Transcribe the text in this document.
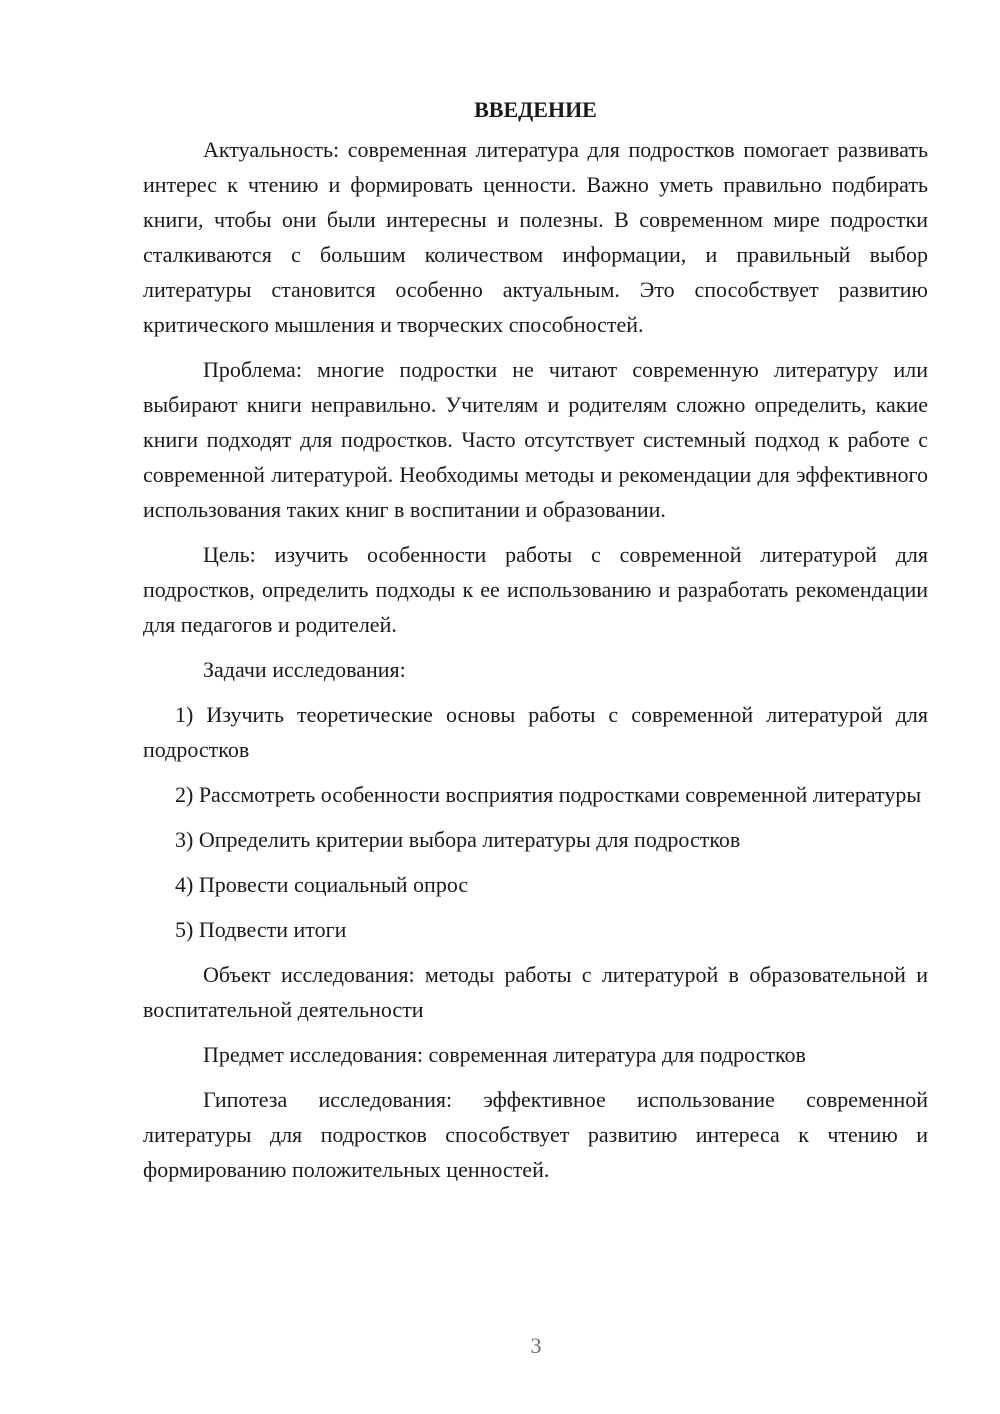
ВВЕДЕНИЕ

Актуальность: современная литература для подростков помогает развивать интерес к чтению и формировать ценности. Важно уметь правильно подбирать книги, чтобы они были интересны и полезны. В современном мире подростки сталкиваются с большим количеством информации, и правильный выбор литературы становится особенно актуальным. Это способствует развитию критического мышления и творческих способностей.

Проблема: многие подростки не читают современную литературу или выбирают книги неправильно. Учителям и родителям сложно определить, какие книги подходят для подростков. Часто отсутствует системный подход к работе с современной литературой. Необходимы методы и рекомендации для эффективного использования таких книг в воспитании и образовании.

Цель: изучить особенности работы с современной литературой для подростков, определить подходы к ее использованию и разработать рекомендации для педагогов и родителей.

Задачи исследования:

1) Изучить теоретические основы работы с современной литературой для подростков

2) Рассмотреть особенности восприятия подростками современной литературы

3) Определить критерии выбора литературы для подростков

4) Провести социальный опрос

5) Подвести итоги

Объект исследования: методы работы с литературой в образовательной и воспитательной деятельности

Предмет исследования: современная литература для подростков

Гипотеза исследования: эффективное использование современной литературы для подростков способствует развитию интереса к чтению и формированию положительных ценностей.

3
